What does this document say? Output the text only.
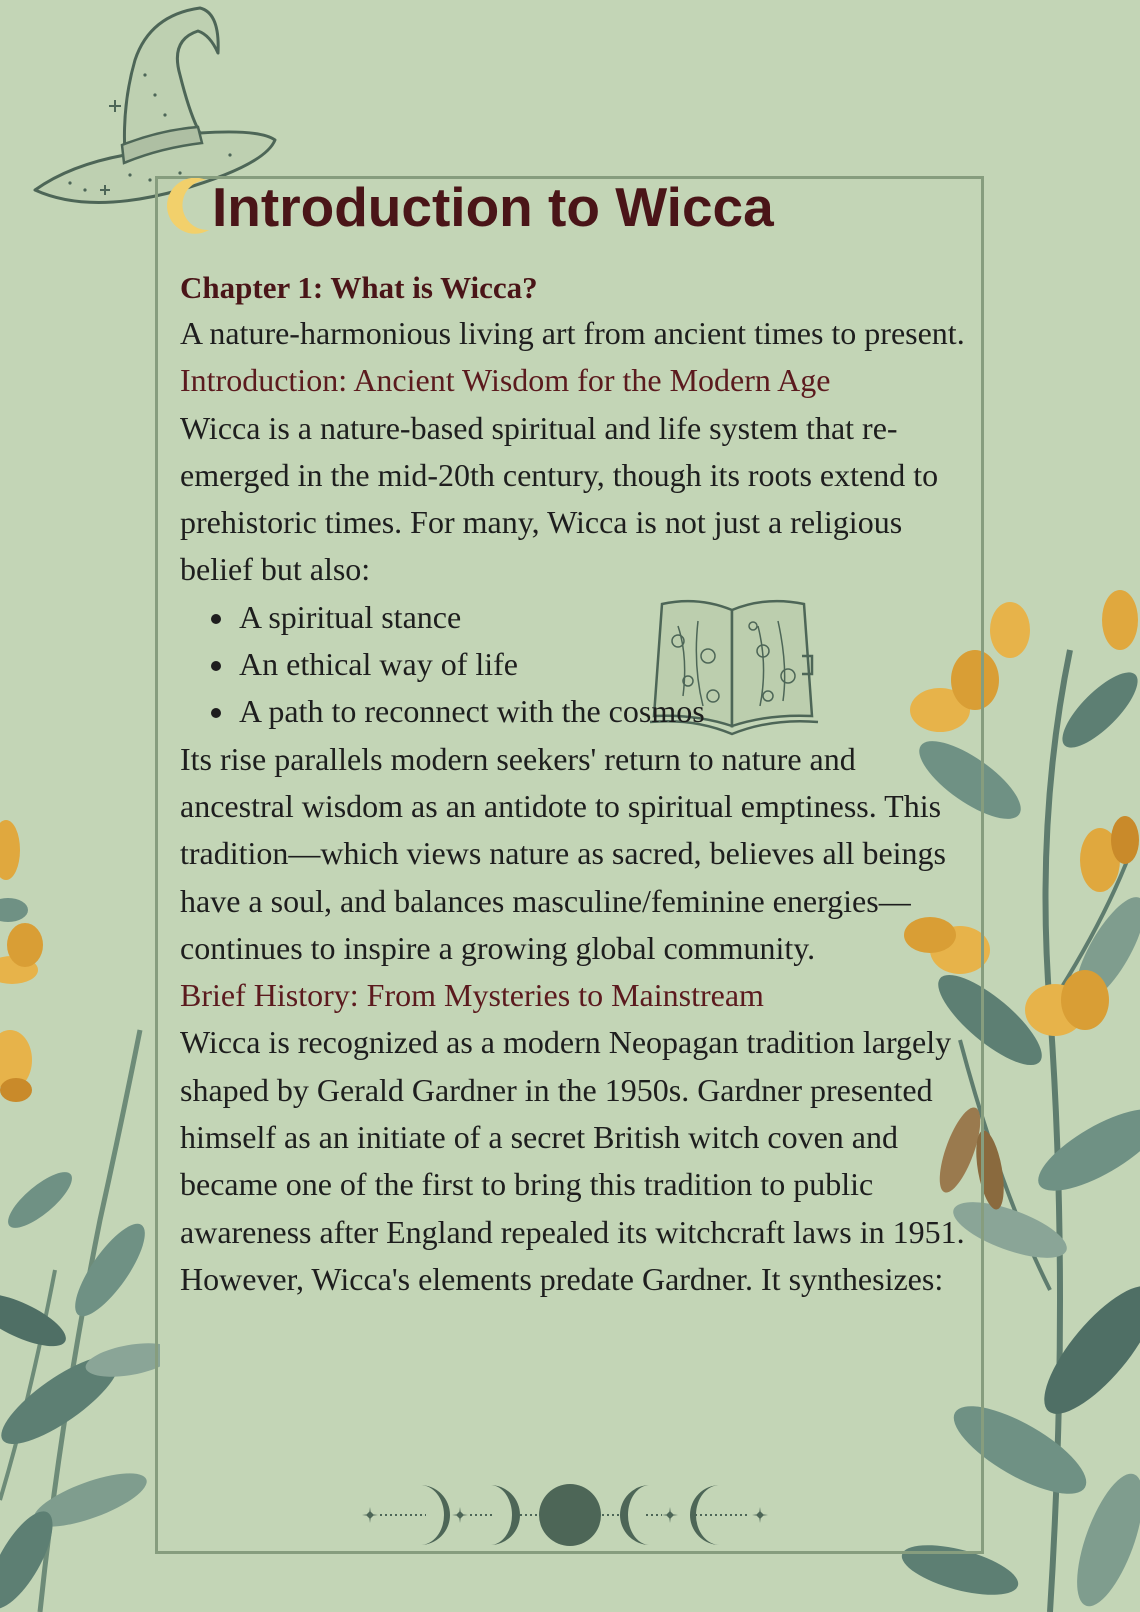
Introduction to Wicca

Chapter 1: What is Wicca?

A nature-harmonious living art from ancient times to present.

Introduction: Ancient Wisdom for the Modern Age

Wicca is a nature-based spiritual and life system that re-emerged in the mid-20th century, though its roots extend to prehistoric times. For many, Wicca is not just a religious belief but also:

• A spiritual stance
• An ethical way of life
• A path to reconnect with the cosmos

Its rise parallels modern seekers' return to nature and ancestral wisdom as an antidote to spiritual emptiness. This tradition—which views nature as sacred, believes all beings have a soul, and balances masculine/feminine energies—continues to inspire a growing global community.

Brief History: From Mysteries to Mainstream

Wicca is recognized as a modern Neopagan tradition largely shaped by Gerald Gardner in the 1950s. Gardner presented himself as an initiate of a secret British witch coven and became one of the first to bring this tradition to public awareness after England repealed its witchcraft laws in 1951.

However, Wicca's elements predate Gardner. It synthesizes:
